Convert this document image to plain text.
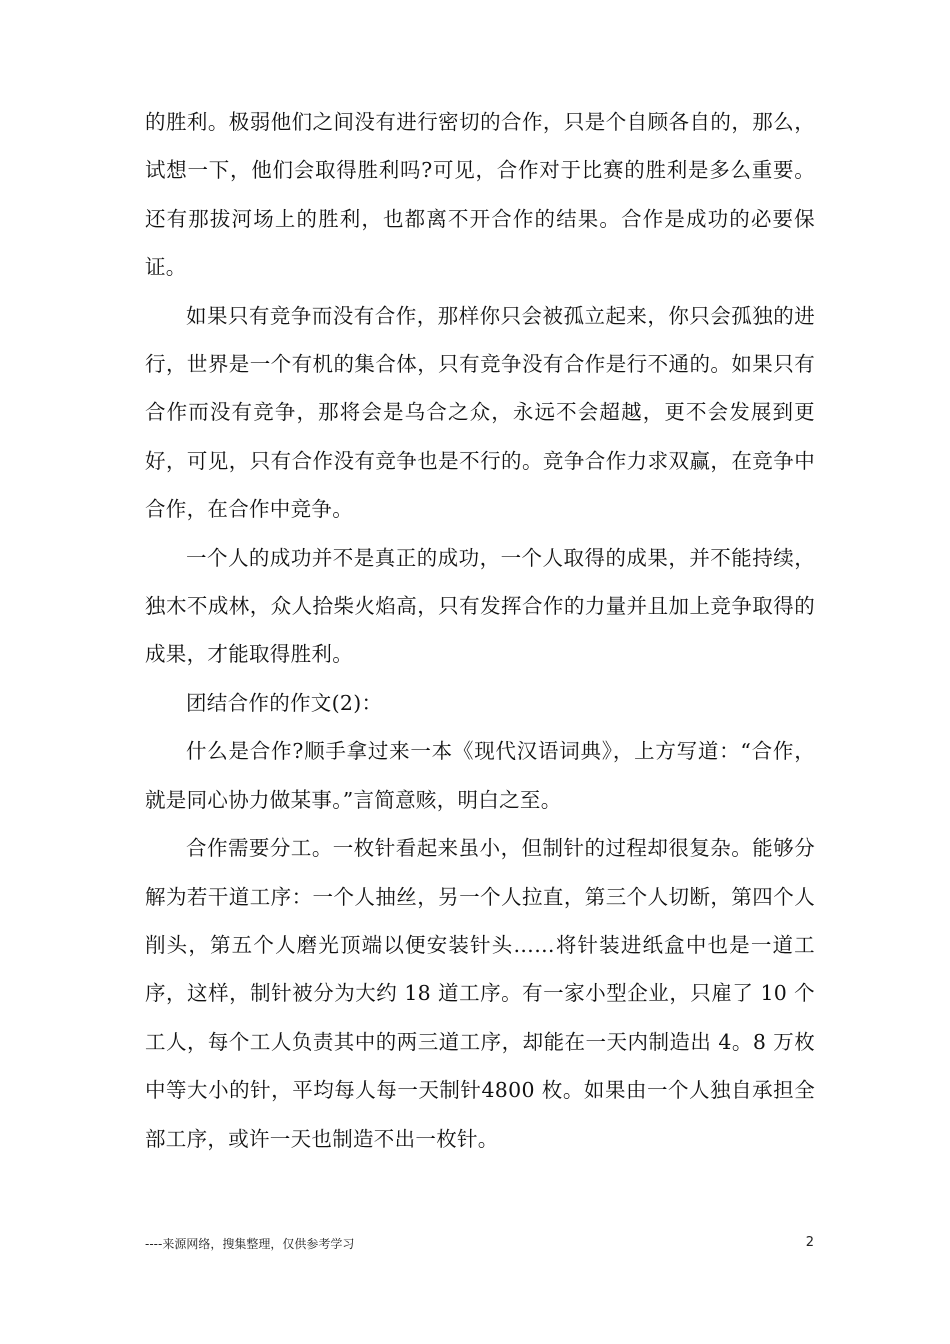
的胜利。极弱他们之间没有进行密切的合作，只是个自顾各自的，那么，试想一下，他们会取得胜利吗?可见，合作对于比赛的胜利是多么重要。还有那拔河场上的胜利，也都离不开合作的结果。合作是成功的必要保证。

如果只有竞争而没有合作，那样你只会被孤立起来，你只会孤独的进行，世界是一个有机的集合体，只有竞争没有合作是行不通的。如果只有合作而没有竞争，那将会是乌合之众，永远不会超越，更不会发展到更好，可见，只有合作没有竞争也是不行的。竞争合作力求双赢，在竞争中合作，在合作中竞争。

一个人的成功并不是真正的成功，一个人取得的成果，并不能持续，独木不成林，众人拾柴火焰高，只有发挥合作的力量并且加上竞争取得的成果，才能取得胜利。

团结合作的作文(2)：

什么是合作?顺手拿过来一本《现代汉语词典》，上方写道：“合作，就是同心协力做某事。”言简意赅，明白之至。

合作需要分工。一枚针看起来虽小，但制针的过程却很复杂。能够分解为若干道工序：一个人抽丝，另一个人拉直，第三个人切断，第四个人削头，第五个人磨光顶端以便安装针头……将针装进纸盒中也是一道工序，这样，制针被分为大约 18 道工序。有一家小型企业，只雇了 10 个工人，每个工人负责其中的两三道工序，却能在一天内制造出 4。8 万枚中等大小的针，平均每人每一天制针4800 枚。如果由一个人独自承担全部工序，或许一天也制造不出一枚针。

----来源网络，搜集整理，仅供参考学习	2
